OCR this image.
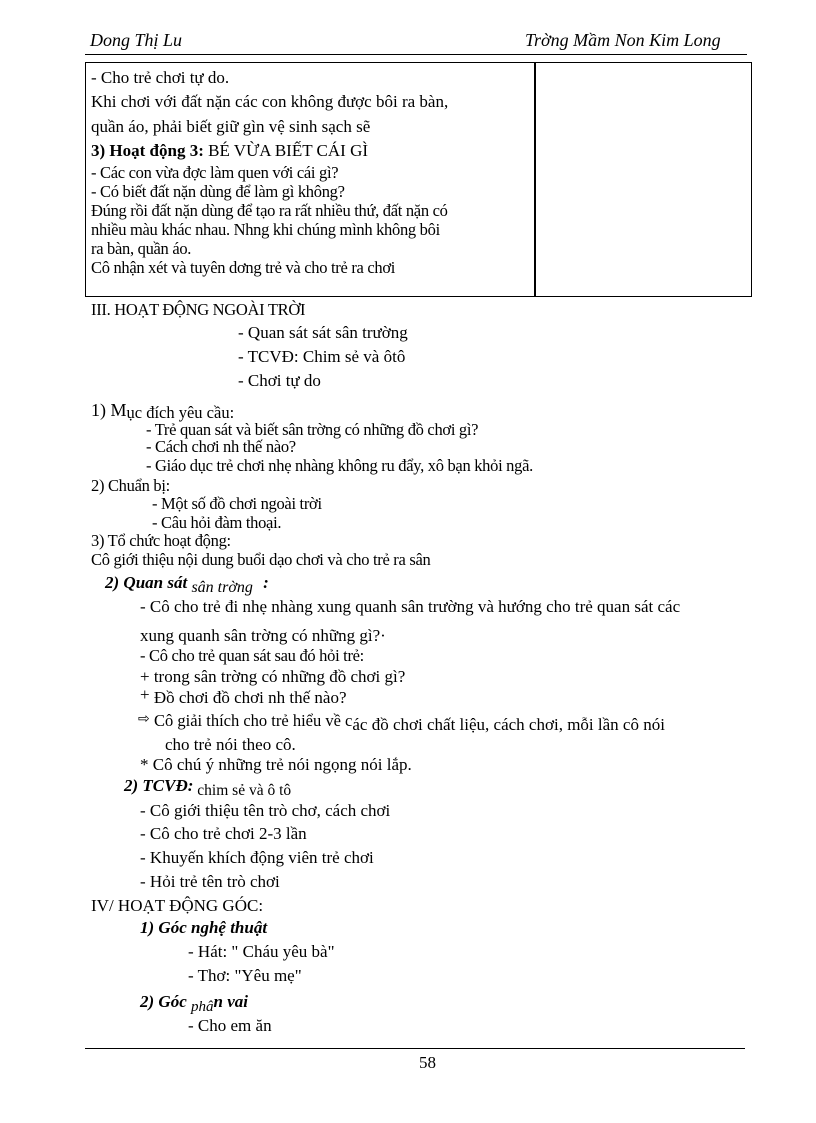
Dong Thị Lu	Trờng Mầm Non Kim Long
- Cho trẻ chơi tự do.
Khi chơi với đất nặn các con không được bôi ra bàn,
quần áo, phải biết giữ gìn vệ sinh sạch sẽ
3) Hoạt động 3: BÉ VỪA BIẾT CÁI GÌ
- Các con vừa đợc làm quen với cái gì?
- Có biết đất nặn dùng để làm gì không?
Đúng rồi đất nặn dùng để tạo ra rất nhiều thứ, đất nặn có
nhiều màu khác nhau. Nhng khi chúng mình không bôi
ra bàn, quần áo.
Cô nhận xét và tuyên dơng trẻ và cho trẻ ra chơi
III. HOẠT ĐỘNG NGOÀI TRỜI
- Quan sát sát sân trường
- TCVĐ: Chim sẻ và ôtô
- Chơi tự do
1) Mục đích yêu cầu:
- Trẻ quan sát và biết sân trờng có những đồ chơi gì?
- Cách chơi nh thế nào?
- Giáo dục trẻ chơi nhẹ nhàng không ru đẩy, xô bạn khỏi ngã.
2) Chuẩn bị:
- Một số đồ chơi ngoài trời
- Câu hỏi đàm thoại.
3) Tổ chức hoạt động:
Cô giới thiệu nội dung buổi dạo chơi và cho trẻ ra sân
2) Quan sát sân trờng :
- Cô cho trẻ đi nhẹ nhàng xung quanh sân trường và hướng cho trẻ quan sát các
xung quanh sân trờng có những gì?·
- Cô cho trẻ quan sát sau đó hỏi trẻ:
+ trong sân trờng có những đồ chơi gì?
+ Đồ chơi đồ chơi nh thế nào?
⇨ Cô giải thích cho trẻ hiểu về các đồ chơi chất liệu, cách chơi, mỗi lần cô nói
cho trẻ nói theo cô.
* Cô chú ý những trẻ nói ngọng nói lắp.
2) TCVĐ: chim sẻ và ô tô
- Cô giới thiệu tên trò chơ, cách chơi
- Cô cho trẻ chơi 2-3 lần
- Khuyến khích động viên trẻ chơi
- Hỏi trẻ tên trò chơi
IV/ HOẠT ĐỘNG GÓC:
1) Góc nghệ thuật
- Hát: " Cháu yêu bà"
- Thơ: "Yêu mẹ"
2) Góc phân vai
- Cho em ăn
58
